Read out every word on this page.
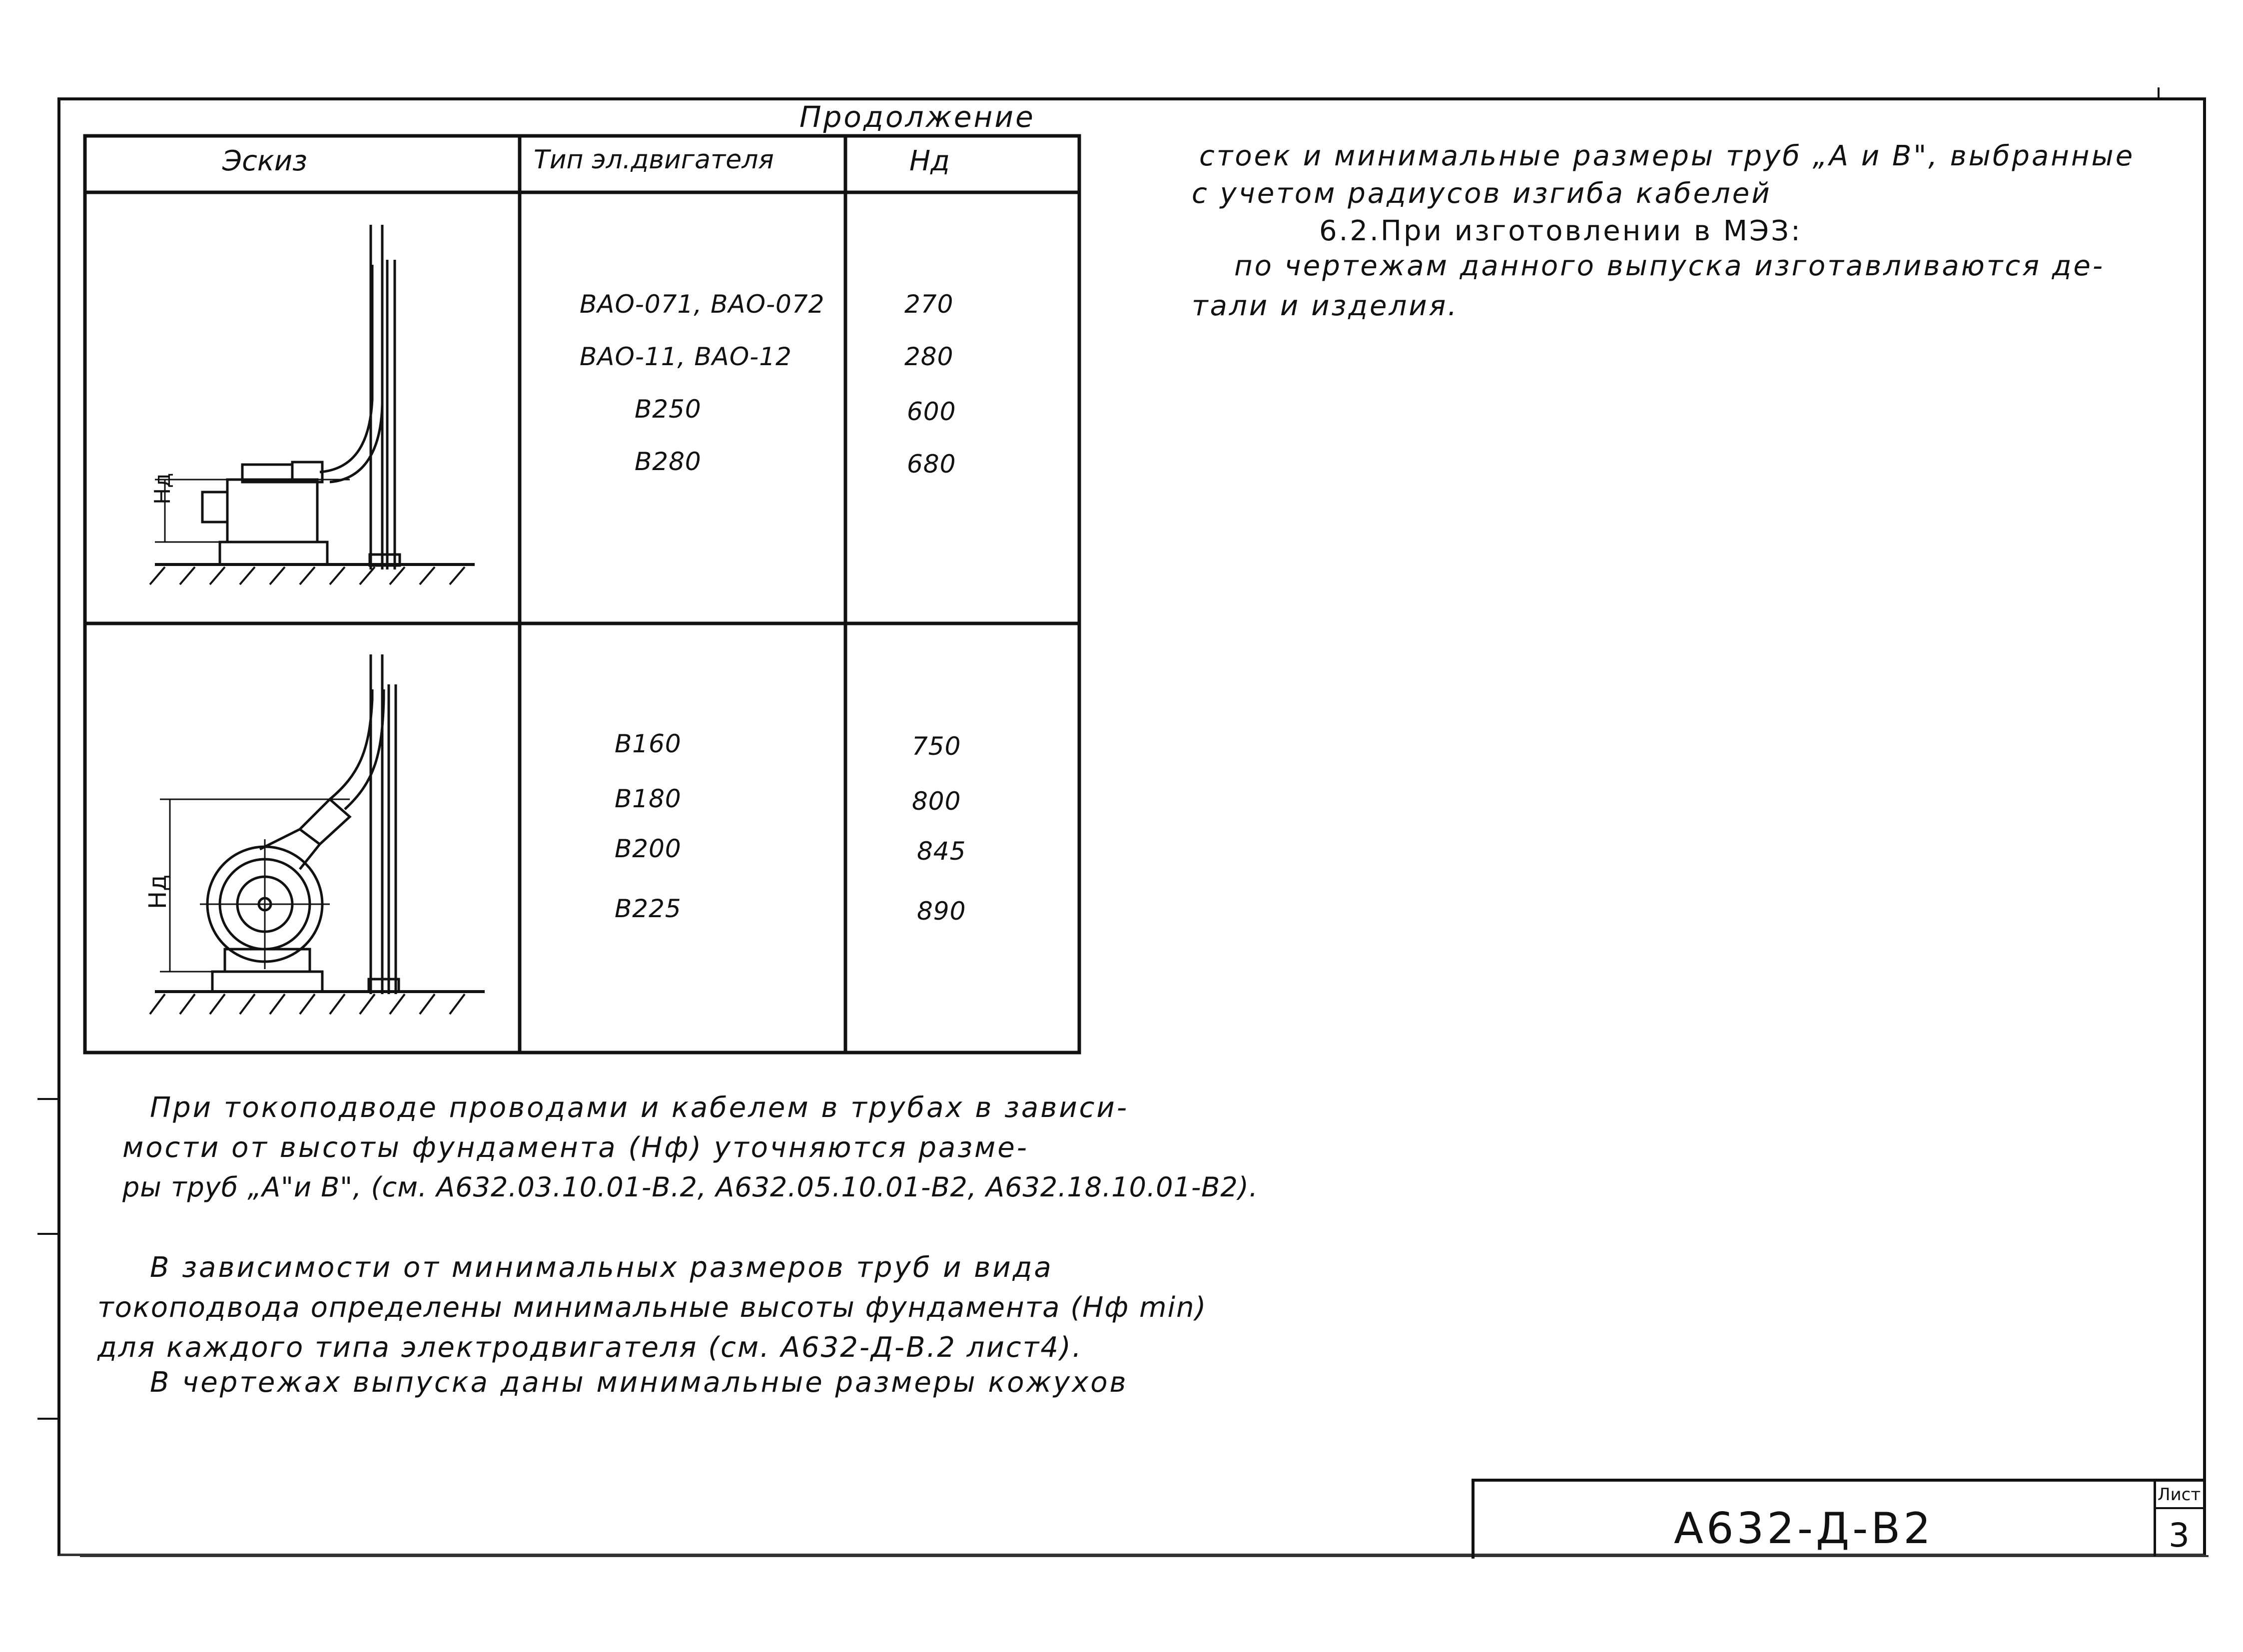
Продолжение
Эскиз	Тип эл.двигателя	Нд
Нд
Нд
ВАО-071, ВАО-072
ВАО-11, ВАО-12
В250
В280
270
280
600
680
В160
В180
В200
В225
750
800
845
890
При токоподводе проводами и кабелем в трубах в зависи-
мости от высоты фундамента (Нф) уточняются разме-
ры труб „А"и В", (см. А632.03.10.01-В.2, А632.05.10.01-В2, А632.18.10.01-В2).
В зависимости от минимальных размеров труб и вида
токоподвода определены минимальные высоты фундамента (Нф min)
для каждого типа электродвигателя (см. А632-Д-В.2 лист4).
В чертежах выпуска даны минимальные размеры кожухов
стоек и минимальные размеры труб „А и В", выбранные
с учетом радиусов изгиба кабелей
6.2.При изготовлении в МЭЗ:
по чертежам данного выпуска изготавливаются де-
тали и изделия.
А632-Д-В2
Лист
3
